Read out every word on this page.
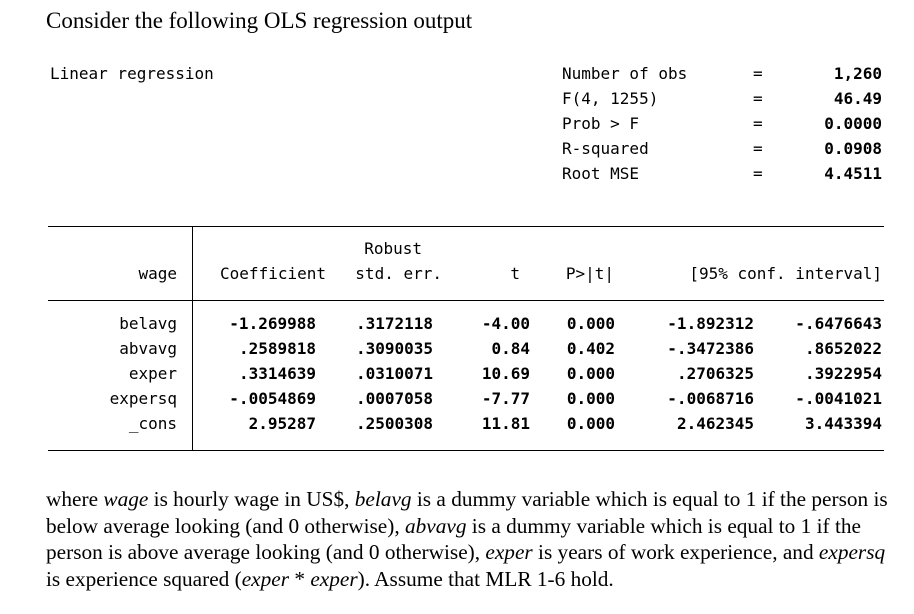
Consider the following OLS regression output
Linear regression	Number of obs	=	1,260
F(4, 1255)	=	46.49
Prob > F	=	0.0000
R-squared	=	0.0908
Root MSE	=	4.4511
Robust
wage	Coefficient	std. err.	t	P>|t|	[95% conf. interval]
belavg	-1.269988	.3172118	-4.00	0.000	-1.892312	-.6476643
abvavg	.2589818	.3090035	0.84	0.402	-.3472386	.8652022
exper	.3314639	.0310071	10.69	0.000	.2706325	.3922954
expersq	-.0054869	.0007058	-7.77	0.000	-.0068716	-.0041021
_cons	2.95287	.2500308	11.81	0.000	2.462345	3.443394
where wage is hourly wage in US$, belavg is a dummy variable which is equal to 1 if the person is below average looking (and 0 otherwise), abvavg is a dummy variable which is equal to 1 if the person is above average looking (and 0 otherwise), exper is years of work experience, and expersq is experience squared (exper * exper). Assume that MLR 1-6 hold.
